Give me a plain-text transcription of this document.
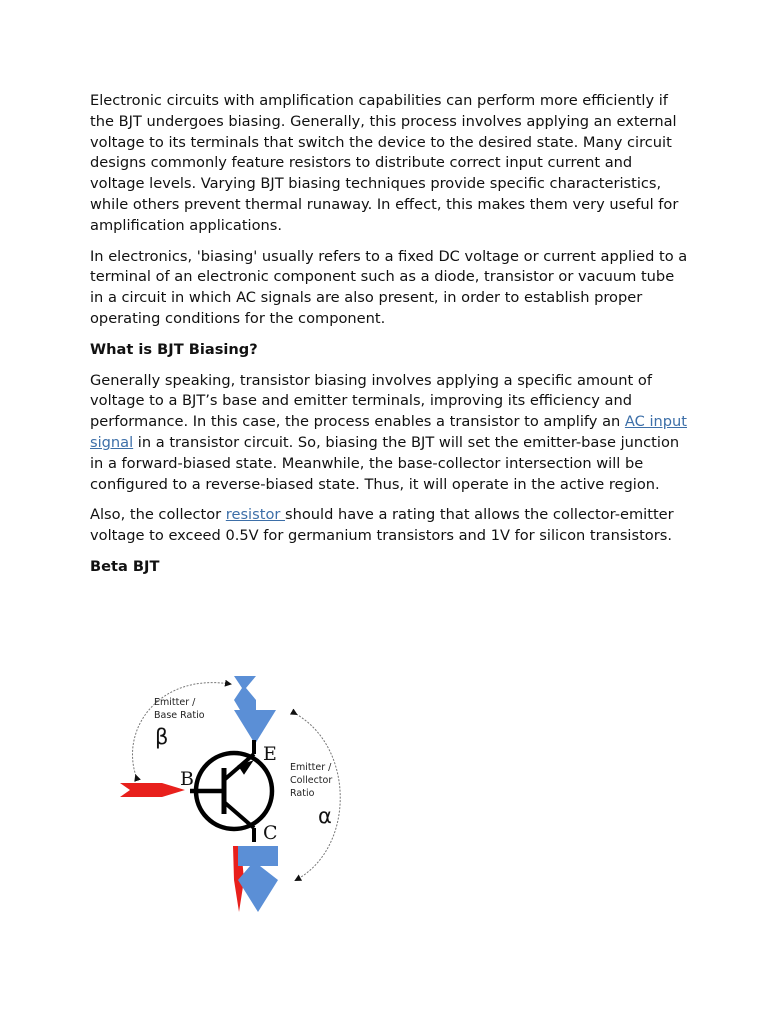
Electronic circuits with amplification capabilities can perform more efficiently if the BJT undergoes biasing. Generally, this process involves applying an external voltage to its terminals that switch the device to the desired state. Many circuit designs commonly feature resistors to distribute correct input current and voltage levels. Varying BJT biasing techniques provide specific characteristics, while others prevent thermal runaway. In effect, this makes them very useful for amplification applications.

In electronics, 'biasing' usually refers to a fixed DC voltage or current applied to a terminal of an electronic component such as a diode, transistor or vacuum tube in a circuit in which AC signals are also present, in order to establish proper operating conditions for the component.

What is BJT Biasing?

Generally speaking, transistor biasing involves applying a specific amount of voltage to a BJT’s base and emitter terminals, improving its efficiency and performance. In this case, the process enables a transistor to amplify an AC input signal in a transistor circuit. So, biasing the BJT will set the emitter-base junction in a forward-biased state. Meanwhile, the base-collector intersection will be configured to a reverse-biased state. Thus, it will operate in the active region.

Also, the collector resistor should have a rating that allows the collector-emitter voltage to exceed 0.5V for germanium transistors and 1V for silicon transistors.

Beta BJT
Emitter /
Base Ratio
β
Emitter /
Collector
Ratio
α
B
E
C
